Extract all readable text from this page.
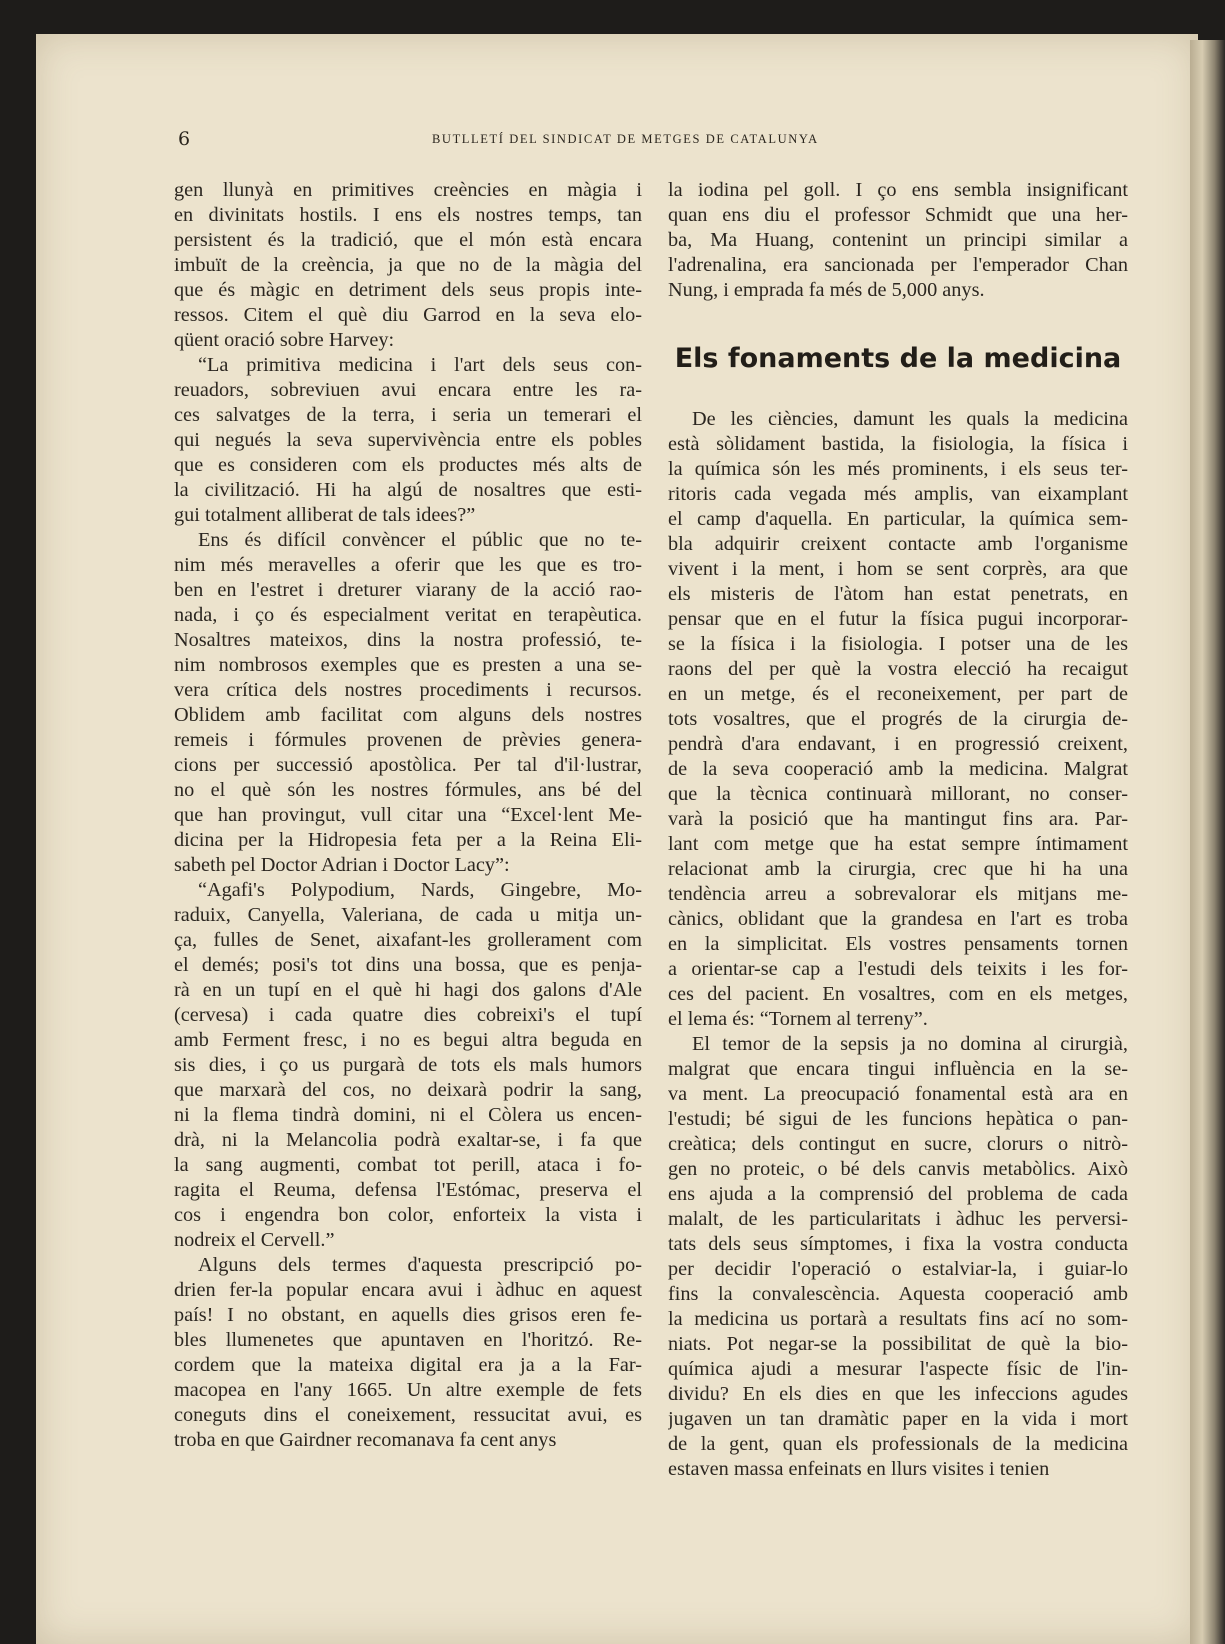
6	BUTLLETÍ DEL SINDICAT DE METGES DE CATALUNYA
gen llunyà en primitives creències en màgia i
en divinitats hostils. I ens els nostres temps, tan
persistent és la tradició, que el món està encara
imbuït de la creència, ja que no de la màgia del
que és màgic en detriment dels seus propis inte-
ressos. Citem el què diu Garrod en la seva elo-
qüent oració sobre Harvey:
“La primitiva medicina i l'art dels seus con-
reuadors, sobreviuen avui encara entre les ra-
ces salvatges de la terra, i seria un temerari el
qui negués la seva supervivència entre els pobles
que es consideren com els productes més alts de
la civilització. Hi ha algú de nosaltres que esti-
gui totalment alliberat de tals idees?”
Ens és difícil convèncer el públic que no te-
nim més meravelles a oferir que les que es tro-
ben en l'estret i dreturer viarany de la acció rao-
nada, i ço és especialment veritat en terapèutica.
Nosaltres mateixos, dins la nostra professió, te-
nim nombrosos exemples que es presten a una se-
vera crítica dels nostres procediments i recursos.
Oblidem amb facilitat com alguns dels nostres
remeis i fórmules provenen de prèvies genera-
cions per successió apostòlica. Per tal d'il·lustrar,
no el què són les nostres fórmules, ans bé del
que han provingut, vull citar una “Excel·lent Me-
dicina per la Hidropesia feta per a la Reina Eli-
sabeth pel Doctor Adrian i Doctor Lacy”:
“Agafi's Polypodium, Nards, Gingebre, Mo-
raduix, Canyella, Valeriana, de cada u mitja un-
ça, fulles de Senet, aixafant-les grollerament com
el demés; posi's tot dins una bossa, que es penja-
rà en un tupí en el què hi hagi dos galons d'Ale
(cervesa) i cada quatre dies cobreixi's el tupí
amb Ferment fresc, i no es begui altra beguda en
sis dies, i ço us purgarà de tots els mals humors
que marxarà del cos, no deixarà podrir la sang,
ni la flema tindrà domini, ni el Còlera us encen-
drà, ni la Melancolia podrà exaltar-se, i fa que
la sang augmenti, combat tot perill, ataca i fo-
ragita el Reuma, defensa l'Estómac, preserva el
cos i engendra bon color, enforteix la vista i
nodreix el Cervell.”
Alguns dels termes d'aquesta prescripció po-
drien fer-la popular encara avui i àdhuc en aquest
país! I no obstant, en aquells dies grisos eren fe-
bles llumenetes que apuntaven en l'horitzó. Re-
cordem que la mateixa digital era ja a la Far-
macopea en l'any 1665. Un altre exemple de fets
coneguts dins el coneixement, ressucitat avui, es
troba en que Gairdner recomanava fa cent anys
la iodina pel goll. I ço ens sembla insignificant
quan ens diu el professor Schmidt que una her-
ba, Ma Huang, contenint un principi similar a
l'adrenalina, era sancionada per l'emperador Chan
Nung, i emprada fa més de 5,000 anys.
Els fonaments de la medicina
De les ciències, damunt les quals la medicina
està sòlidament bastida, la fisiologia, la física i
la química són les més prominents, i els seus ter-
ritoris cada vegada més amplis, van eixamplant
el camp d'aquella. En particular, la química sem-
bla adquirir creixent contacte amb l'organisme
vivent i la ment, i hom se sent corprès, ara que
els misteris de l'àtom han estat penetrats, en
pensar que en el futur la física pugui incorporar-
se la física i la fisiologia. I potser una de les
raons del per què la vostra elecció ha recaigut
en un metge, és el reconeixement, per part de
tots vosaltres, que el progrés de la cirurgia de-
pendrà d'ara endavant, i en progressió creixent,
de la seva cooperació amb la medicina. Malgrat
que la tècnica continuarà millorant, no conser-
varà la posició que ha mantingut fins ara. Par-
lant com metge que ha estat sempre íntimament
relacionat amb la cirurgia, crec que hi ha una
tendència arreu a sobrevalorar els mitjans me-
cànics, oblidant que la grandesa en l'art es troba
en la simplicitat. Els vostres pensaments tornen
a orientar-se cap a l'estudi dels teixits i les for-
ces del pacient. En vosaltres, com en els metges,
el lema és: “Tornem al terreny”.
El temor de la sepsis ja no domina al cirurgià,
malgrat que encara tingui influència en la se-
va ment. La preocupació fonamental està ara en
l'estudi; bé sigui de les funcions hepàtica o pan-
creàtica; dels contingut en sucre, clorurs o nitrò-
gen no proteic, o bé dels canvis metabòlics. Això
ens ajuda a la comprensió del problema de cada
malalt, de les particularitats i àdhuc les perversi-
tats dels seus símptomes, i fixa la vostra conducta
per decidir l'operació o estalviar-la, i guiar-lo
fins la convalescència. Aquesta cooperació amb
la medicina us portarà a resultats fins ací no som-
niats. Pot negar-se la possibilitat de què la bio-
química ajudi a mesurar l'aspecte físic de l'in-
dividu? En els dies en que les infeccions agudes
jugaven un tan dramàtic paper en la vida i mort
de la gent, quan els professionals de la medicina
estaven massa enfeinats en llurs visites i tenien
